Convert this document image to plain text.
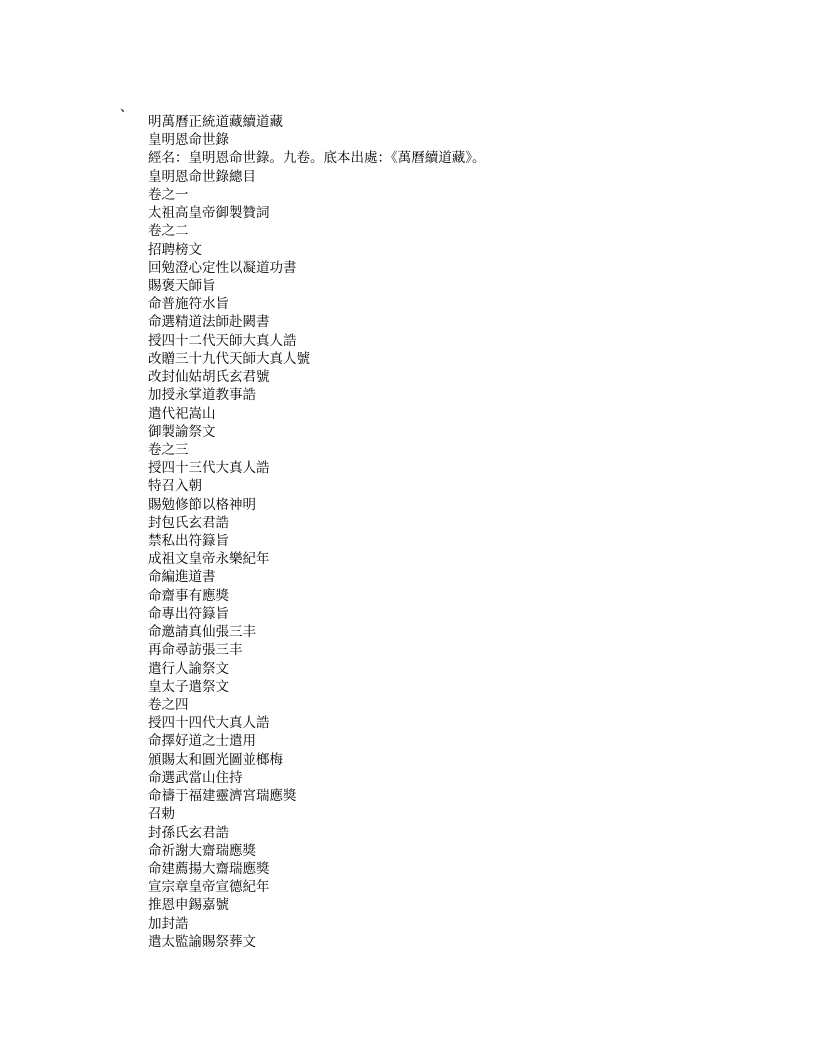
、
明萬曆正統道藏續道藏
皇明恩命世錄
經名：皇明恩命世錄。九卷。底本出處：《萬曆續道藏》。
皇明恩命世錄總目
卷之一
太祖高皇帝御製贊詞
卷之二
招聘榜文
回勉澄心定性以凝道功書
賜褒天師旨
命普施符水旨
命選精道法師赴闕書
授四十二代天師大真人誥
改贈三十九代天師大真人號
改封仙姑胡氏玄君號
加授永掌道教事誥
遣代祀嵩山
御製諭祭文
卷之三
授四十三代大真人誥
特召入朝
賜勉修節以格神明
封包氏玄君誥
禁私出符籙旨
成祖文皇帝永樂紀年
命編進道書
命齋事有應獎
命專出符籙旨
命邀請真仙張三丰
再命尋訪張三丰
遣行人諭祭文
皇太子遣祭文
卷之四
授四十四代大真人誥
命擇好道之士遣用
頒賜太和圓光圖並榔梅
命選武當山住持
命禱于福建靈濟宮瑞應獎
召勅
封孫氏玄君誥
命祈謝大齋瑞應獎
命建薦揚大齋瑞應獎
宣宗章皇帝宣德紀年
推恩申錫嘉號
加封誥
遣太監諭賜祭葬文
